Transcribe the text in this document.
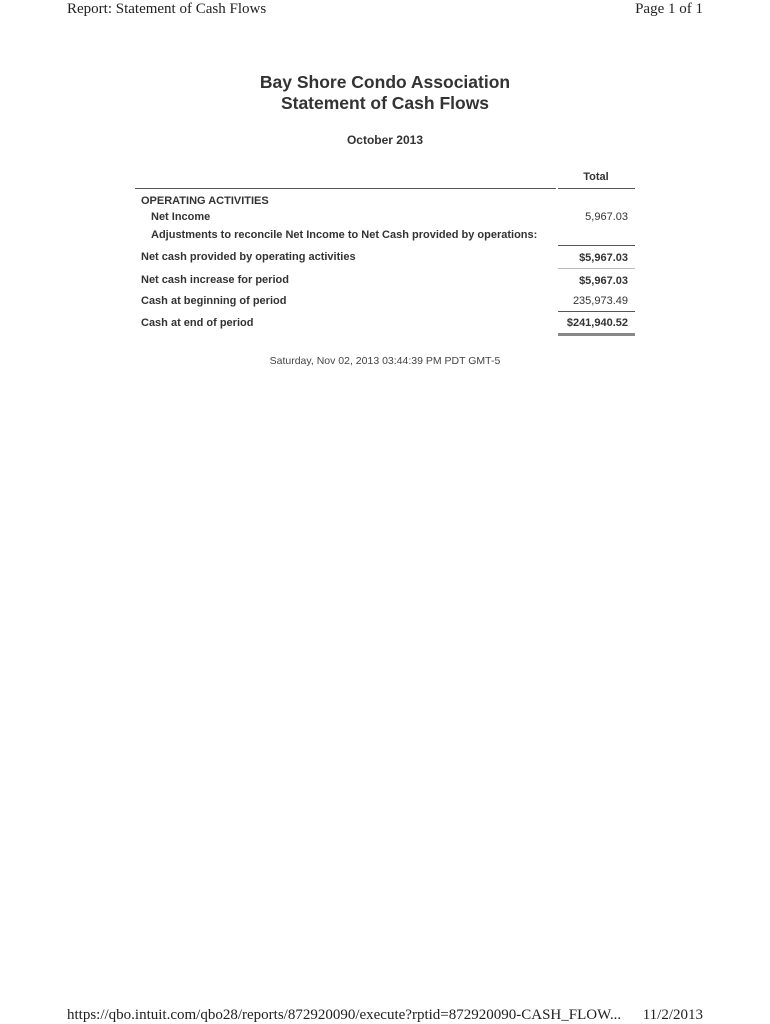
Report: Statement of Cash Flows	Page 1 of 1
Bay Shore Condo Association
Statement of Cash Flows
October 2013
Total
OPERATING ACTIVITIES
Net Income	5,967.03
Adjustments to reconcile Net Income to Net Cash provided by operations:
Net cash provided by operating activities	$5,967.03
Net cash increase for period	$5,967.03
Cash at beginning of period	235,973.49
Cash at end of period	$241,940.52
Saturday, Nov 02, 2013 03:44:39 PM PDT GMT-5
https://qbo.intuit.com/qbo28/reports/872920090/execute?rptid=872920090-CASH_FLOW... 11/2/2013
